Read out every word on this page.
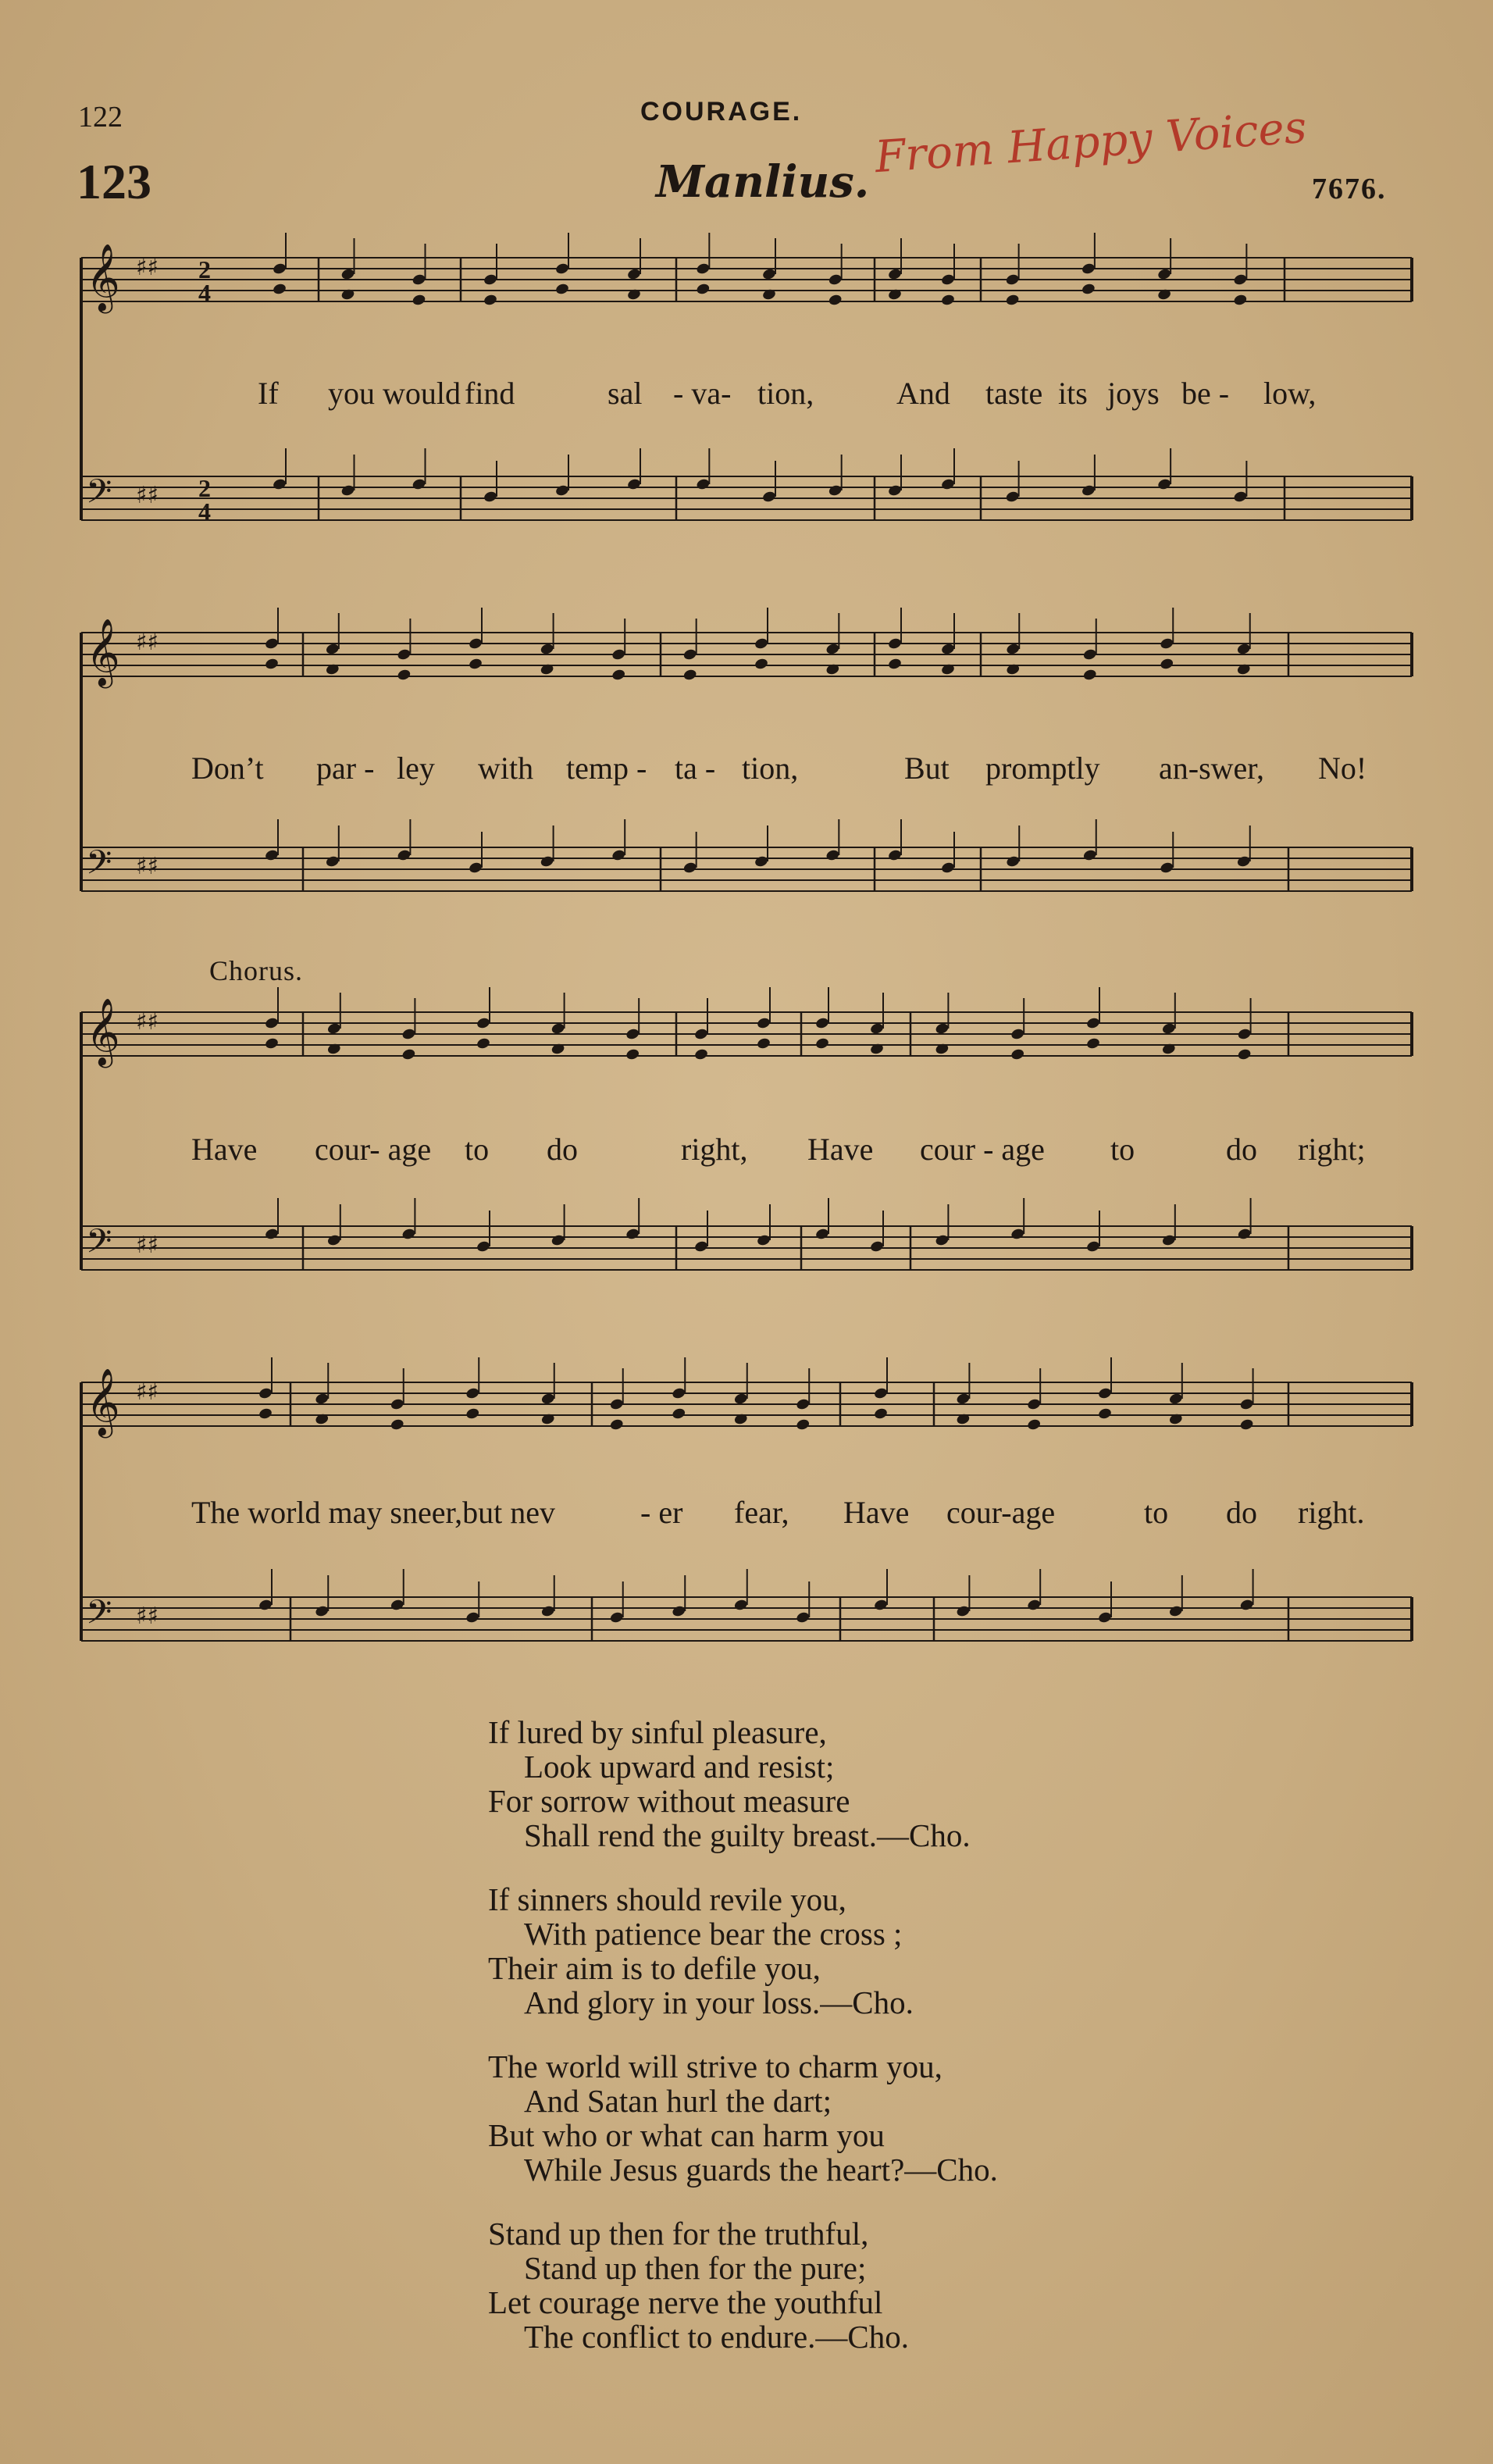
122	COURAGE.
123	Manlius.	7676.
From Happy Voices
𝄞 ♯♯ 2
4
𝄢 ♯♯ 2
4
𝄞 ♯♯
𝄢 ♯♯
𝄞 ♯♯
𝄢 ♯♯
𝄞 ♯♯
𝄢 ♯♯
If you would find	sal - va- tion,	And taste its joys be - low,
Don’t par - ley with temp - ta - tion,	But promptly an-swer, No!
Have cour- age to do	right, Have cour - age to	do right;
The world may sneer,but nev	- er fear, Have cour-age	to do right.
Chorus.
If lured by sinful pleasure,
Look upward and resist;
For sorrow without measure
Shall rend the guilty breast.—Cho.
If sinners should revile you,
With patience bear the cross ;
Their aim is to defile you,
And glory in your loss.—Cho.
The world will strive to charm you,
And Satan hurl the dart;
But who or what can harm you
While Jesus guards the heart?—Cho.
Stand up then for the truthful,
Stand up then for the pure;
Let courage nerve the youthful
The conflict to endure.—Cho.
